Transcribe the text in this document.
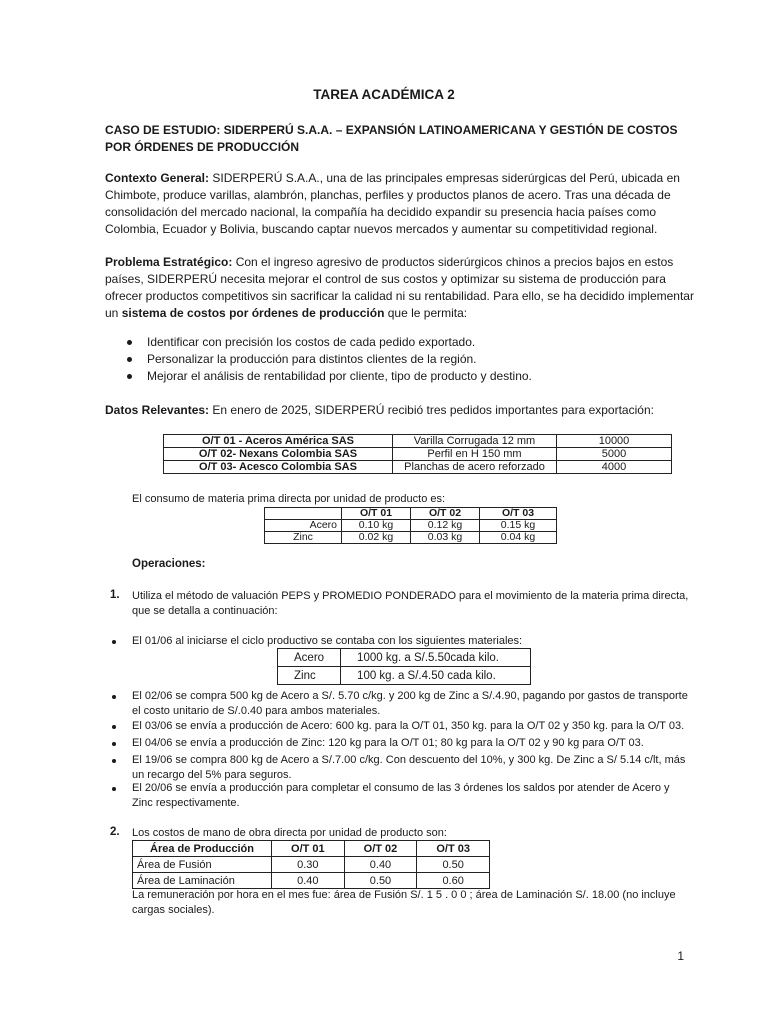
TAREA ACADÉMICA 2

CASO DE ESTUDIO: SIDERPERÚ S.A.A. – EXPANSIÓN LATINOAMERICANA Y GESTIÓN DE COSTOS POR ÓRDENES DE PRODUCCIÓN

Contexto General: SIDERPERÚ S.A.A., una de las principales empresas siderúrgicas del Perú, ubicada en Chimbote, produce varillas, alambrón, planchas, perfiles y productos planos de acero. Tras una década de consolidación del mercado nacional, la compañía ha decidido expandir su presencia hacia países como Colombia, Ecuador y Bolivia, buscando captar nuevos mercados y aumentar su competitividad regional.

Problema Estratégico: Con el ingreso agresivo de productos siderúrgicos chinos a precios bajos en estos países, SIDERPERÚ necesita mejorar el control de sus costos y optimizar su sistema de producción para ofrecer productos competitivos sin sacrificar la calidad ni su rentabilidad. Para ello, se ha decidido implementar un sistema de costos por órdenes de producción que le permita:

Identificar con precisión los costos de cada pedido exportado.
Personalizar la producción para distintos clientes de la región.
Mejorar el análisis de rentabilidad por cliente, tipo de producto y destino.

Datos Relevantes: En enero de 2025, SIDERPERÚ recibió tres pedidos importantes para exportación:

O/T 01 - Aceros América SAS	Varilla Corrugada 12 mm	10000
O/T 02- Nexans Colombia SAS	Perfil en H 150 mm	5000
O/T 03- Acesco Colombia SAS	Planchas de acero reforzado	4000
El consumo de materia prima directa por unidad de producto es:
	O/T 01	O/T 02	O/T 03
Acero	0.10 kg	0.12 kg	0.15 kg
Zinc	0.02 kg	0.03 kg	0.04 kg
Operaciones:
1. Utiliza el método de valuación PEPS y PROMEDIO PONDERADO para el movimiento de la materia prima directa, que se detalla a continuación:

El 01/06 al iniciarse el ciclo productivo se contaba con los siguientes materiales:
Acero	1000 kg. a S/.5.50cada kilo.
Zinc	100 kg. a S/.4.50 cada kilo.

El 02/06 se compra 500 kg de Acero a S/. 5.70 c/kg. y 200 kg de Zinc a S/.4.90, pagando por gastos de transporte el costo unitario de S/.0.40 para ambos materiales.

El 03/06 se envía a producción de Acero: 600 kg. para la O/T 01, 350 kg. para la O/T 02 y 350 kg. para la O/T 03.

El 04/06 se envía a producción de Zinc: 120 kg para la O/T 01; 80 kg para la O/T 02 y 90 kg para O/T 03.

El 19/06 se compra 800 kg de Acero a S/.7.00 c/kg. Con descuento del 10%, y 300 kg. De Zinc a S/ 5.14 c/lt, más un recargo del 5% para seguros.

El 20/06 se envía a producción para completar el consumo de las 3 órdenes los saldos por atender de Acero y Zinc respectivamente.

2. Los costos de mano de obra directa por unidad de producto son:
Área de Producción	O/T 01	O/T 02	O/T 03
Área de Fusión	0.30	0.40	0.50
Área de Laminación	0.40	0.50	0.60

La remuneración por hora en el mes fue: área de Fusión S/. 1 5 . 0 0 ; área de Laminación S/. 18.00 (no incluye cargas sociales).

1
